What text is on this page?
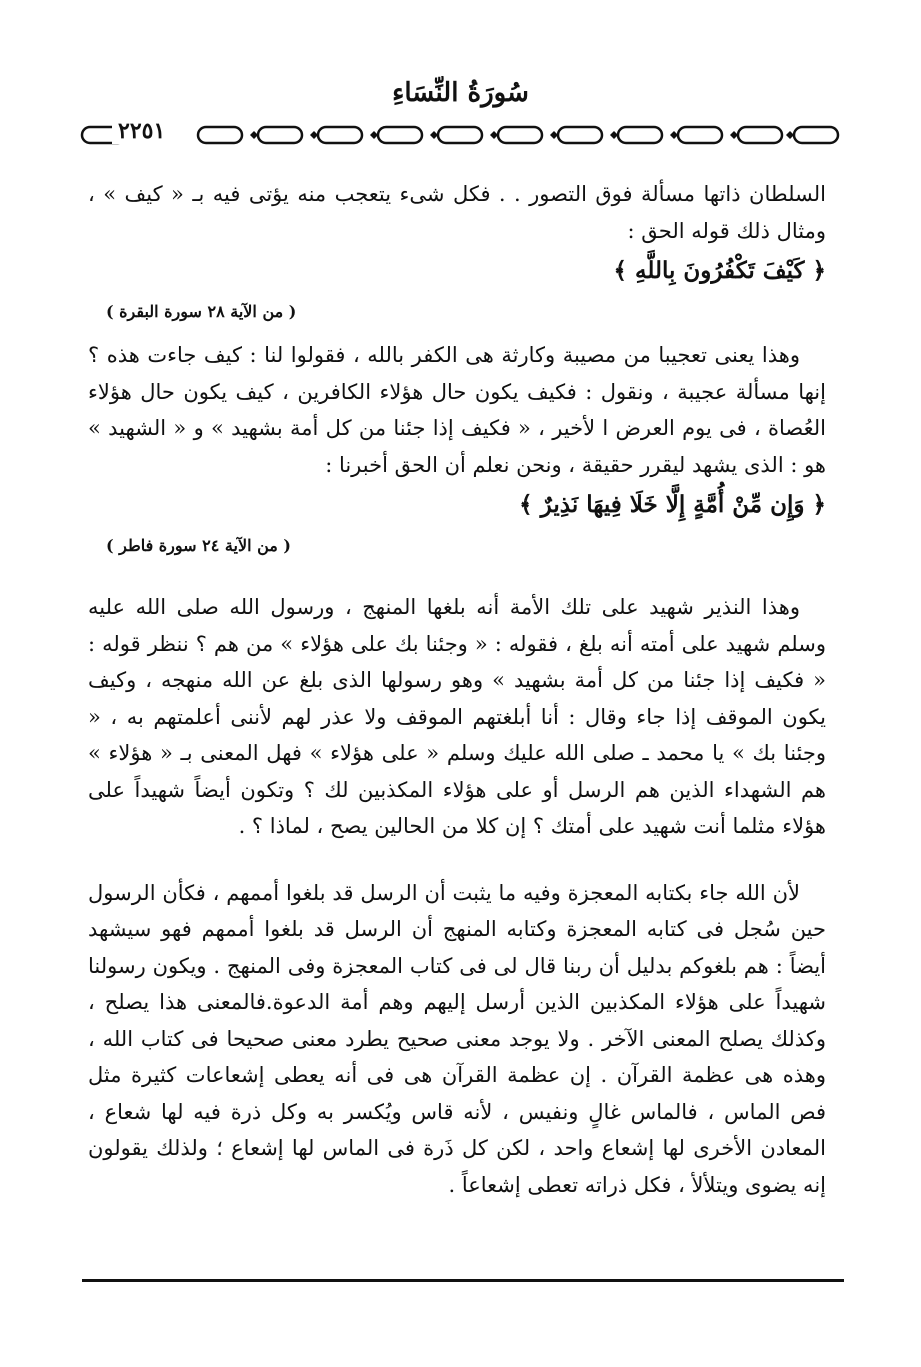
سُورَةُ النِّسَاءِ
٢٢٥١

السلطان ذاتها مسألة فوق التصور . . فكل شىء يتعجب منه يؤتى فيه بـ « كيف » ، ومثال ذلك قوله الحق :

﴿ كَيْفَ تَكْفُرُونَ بِاللَّهِ ﴾

( من الآية ٢٨ سورة البقرة )

وهذا يعنى تعجيبا من مصيبة وكارثة هى الكفر بالله ، فقولوا لنا : كيف جاءت هذه ؟ إنها مسألة عجيبة ، ونقول : فكيف يكون حال هؤلاء الكافرين ، كيف يكون حال هؤلاء العُصاة ، فى يوم العرض ا لأخير ، « فكيف إذا جئنا من كل أمة بشهيد » و « الشهيد » هو : الذى يشهد ليقرر حقيقة ، ونحن نعلم أن الحق أخبرنا :

﴿ وَإِن مِّنْ أُمَّةٍ إِلَّا خَلَا فِيهَا نَذِيرٌ ﴾

( من الآية ٢٤ سورة فاطر )

وهذا النذير شهيد على تلك الأمة أنه بلغها المنهج ، ورسول الله صلى الله عليه وسلم شهيد على أمته أنه بلغ ، فقوله : « وجئنا بك على هؤلاء » من هم ؟ ننظر قوله : « فكيف إذا جئنا من كل أمة بشهيد » وهو رسولها الذى بلغ عن الله منهجه ، وكيف يكون الموقف إذا جاء وقال : أنا أبلغتهم الموقف ولا عذر لهم لأننى أعلمتهم به ، « وجئنا بك » يا محمد ـ صلى الله عليك وسلم « على هؤلاء » فهل المعنى بـ « هؤلاء » هم الشهداء الذين هم الرسل أو على هؤلاء المكذبين لك ؟ وتكون أيضاً شهيداً على هؤلاء مثلما أنت شهيد على أمتك ؟ إن كلا من الحالين يصح ، لماذا ؟ .

لأن الله جاء بكتابه المعجزة وفيه ما يثبت أن الرسل قد بلغوا أممهم ، فكأن الرسول حين سُجل فى كتابه المعجزة وكتابه المنهج أن الرسل قد بلغوا أممهم فهو سيشهد أيضاً : هم بلغوكم بدليل أن ربنا قال لى فى كتاب المعجزة وفى المنهج . ويكون رسولنا شهيداً على هؤلاء المكذبين الذين أرسل إليهم وهم أمة الدعوة.فالمعنى هذا يصلح ، وكذلك يصلح المعنى الآخر . ولا يوجد معنى صحيح يطرد معنى صحيحا فى كتاب الله ، وهذه هى عظمة القرآن . إن عظمة القرآن هى فى أنه يعطى إشعاعات كثيرة مثل فص الماس ، فالماس غالٍ ونفيس ، لأنه قاس ويُكسر به وكل ذرة فيه لها شعاع ، المعادن الأخرى لها إشعاع واحد ، لكن كل ذَرة فى الماس لها إشعاع ؛ ولذلك يقولون إنه يضوى ويتلألأ ، فكل ذراته تعطى إشعاعاً .
